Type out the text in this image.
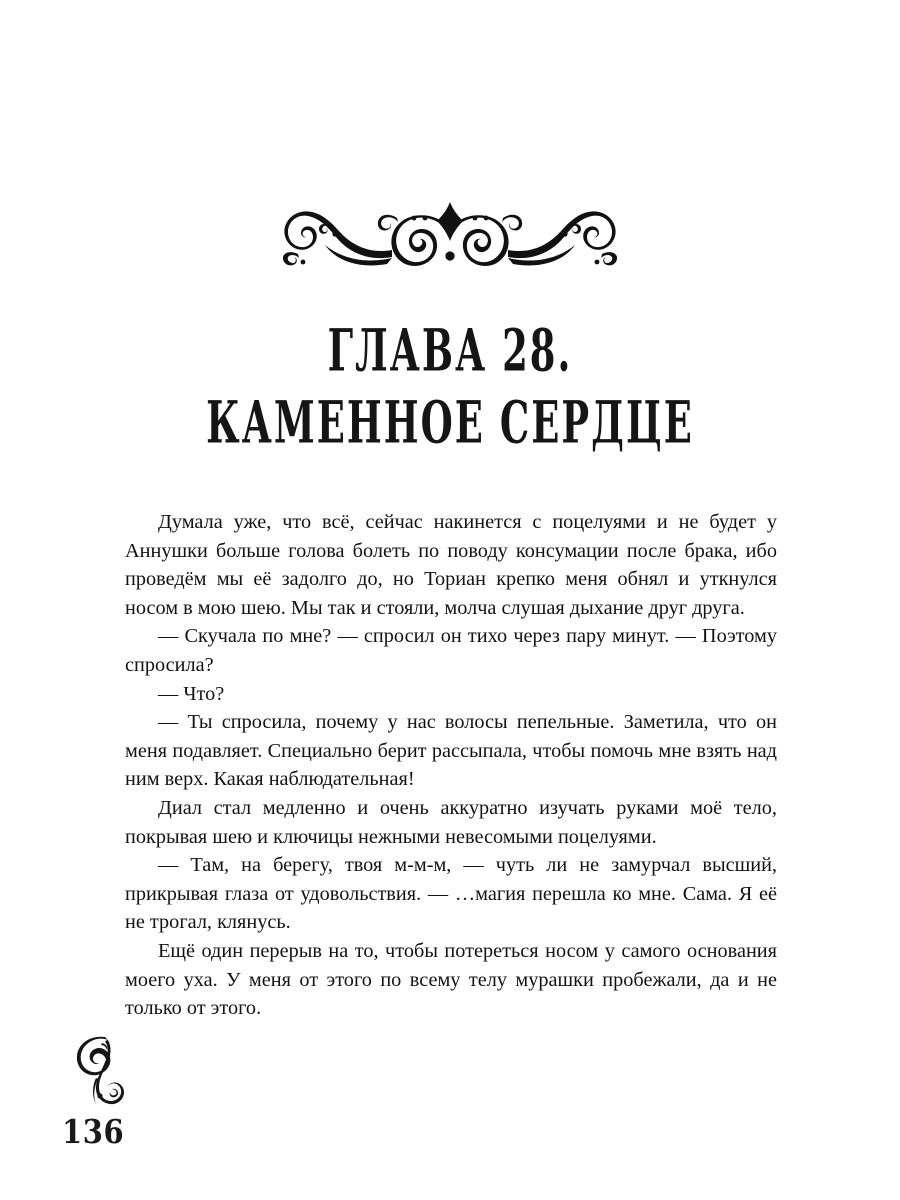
ГЛАВА 28.
КАМЕННОЕ СЕРДЦЕ

Думала уже, что всё, сейчас накинется с поцелуями и не будет у Аннушки больше голова болеть по поводу консумации после брака, ибо проведём мы её задолго до, но Ториан крепко меня обнял и уткнулся носом в мою шею. Мы так и стояли, молча слушая дыхание друг друга.

— Скучала по мне? — спросил он тихо через пару минут. — Поэтому спросила?

— Что?

— Ты спросила, почему у нас волосы пепельные. Заметила, что он меня подавляет. Специально берит рассыпала, чтобы помочь мне взять над ним верх. Какая наблюдательная!

Диал стал медленно и очень аккуратно изучать руками моё тело, покрывая шею и ключицы нежными невесомыми поцелуями.

— Там, на берегу, твоя м-м-м, — чуть ли не замурчал высший, прикрывая глаза от удовольствия. — …магия перешла ко мне. Сама. Я её не трогал, клянусь.

Ещё один перерыв на то, чтобы потереться носом у самого основания моего уха. У меня от этого по всему телу мурашки пробежали, да и не только от этого.

136
